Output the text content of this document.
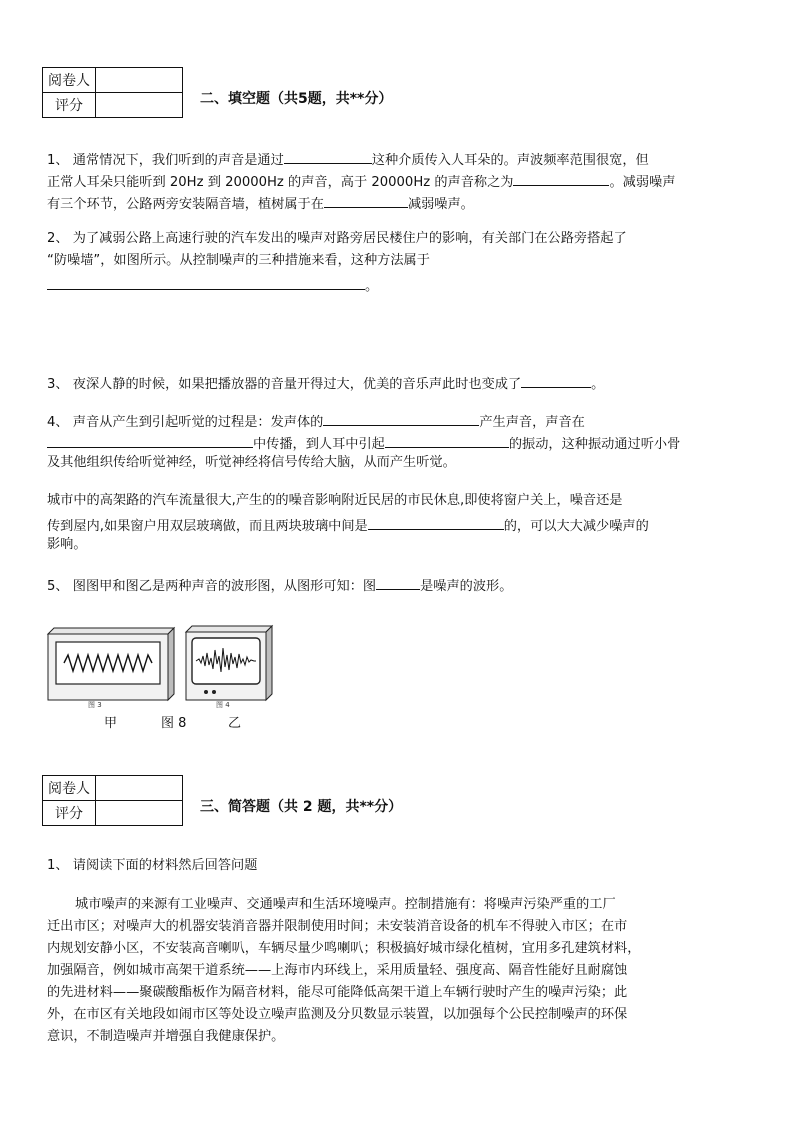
阅卷人	
评分		二、填空题（共5题，共**分）
1、 通常情况下，我们听到的声音是通过	这种介质传入人耳朵的。声波频率范围很宽，但
正常人耳朵只能听到 20Hz 到 20000Hz 的声音，高于 20000Hz 的声音称之为	。减弱噪声
有三个环节，公路两旁安装隔音墙，植树属于在	减弱噪声。
2、 为了减弱公路上高速行驶的汽车发出的噪声对路旁居民楼住户的影响，有关部门在公路旁搭起了
“防噪墙”，如图所示。从控制噪声的三种措施来看，这种方法属于
。
3、 夜深人静的时候，如果把播放器的音量开得过大，优美的音乐声此时也变成了	。
4、 声音从产生到引起听觉的过程是：发声体的	产生声音，声音在
中传播，到人耳中引起	的振动，这种振动通过听小骨
及其他组织传给听觉神经，听觉神经将信号传给大脑，从而产生听觉。
城市中的高架路的汽车流量很大,产生的的噪音影响附近民居的市民休息,即使将窗户关上，噪音还是
传到屋内,如果窗户用双层玻璃做，而且两块玻璃中间是	的，可以大大减少噪声的
影响。
5、 图图甲和图乙是两种声音的波形图，从图形可知：图	是噪声的波形。
图 3	图 4
甲	图 8	乙
阅卷人	
评分		三、简答题（共 2 题，共**分）
1、 请阅读下面的材料然后回答问题
城市噪声的来源有工业噪声、交通噪声和生活环境噪声。控制措施有：将噪声污染严重的工厂
迁出市区；对噪声大的机器安装消音器并限制使用时间；未安装消音设备的机车不得驶入市区；在市
内规划安静小区，不安装高音喇叭，车辆尽量少鸣喇叭；积极搞好城市绿化植树，宜用多孔建筑材料，
加强隔音，例如城市高架干道系统——上海市内环线上，采用质量轻、强度高、隔音性能好且耐腐蚀
的先进材料——聚碳酸酯板作为隔音材料，能尽可能降低高架干道上车辆行驶时产生的噪声污染；此
外，在市区有关地段如闹市区等处设立噪声监测及分贝数显示装置，以加强每个公民控制噪声的环保
意识，不制造噪声并增强自我健康保护。
